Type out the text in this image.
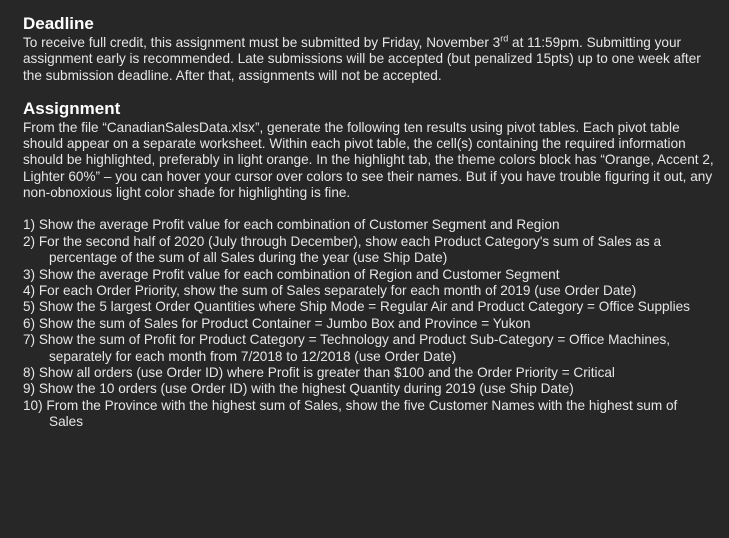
Deadline

To receive full credit, this assignment must be submitted by Friday, November 3rd at 11:59pm. Submitting your assignment early is recommended. Late submissions will be accepted (but penalized 15pts) up to one week after the submission deadline. After that, assignments will not be accepted.

Assignment

From the file “CanadianSalesData.xlsx”, generate the following ten results using pivot tables. Each pivot table should appear on a separate worksheet. Within each pivot table, the cell(s) containing the required information should be highlighted, preferably in light orange. In the highlight tab, the theme colors block has “Orange, Accent 2, Lighter 60%” – you can hover your cursor over colors to see their names. But if you have trouble figuring it out, any non-obnoxious light color shade for highlighting is fine.

1) Show the average Profit value for each combination of Customer Segment and Region
2) For the second half of 2020 (July through December), show each Product Category's sum of Sales as a percentage of the sum of all Sales during the year (use Ship Date)
3) Show the average Profit value for each combination of Region and Customer Segment
4) For each Order Priority, show the sum of Sales separately for each month of 2019 (use Order Date)
5) Show the 5 largest Order Quantities where Ship Mode = Regular Air and Product Category = Office Supplies
6) Show the sum of Sales for Product Container = Jumbo Box and Province = Yukon
7) Show the sum of Profit for Product Category = Technology and Product Sub-Category = Office Machines, separately for each month from 7/2018 to 12/2018 (use Order Date)
8) Show all orders (use Order ID) where Profit is greater than $100 and the Order Priority = Critical
9) Show the 10 orders (use Order ID) with the highest Quantity during 2019 (use Ship Date)
10) From the Province with the highest sum of Sales, show the five Customer Names with the highest sum of Sales
